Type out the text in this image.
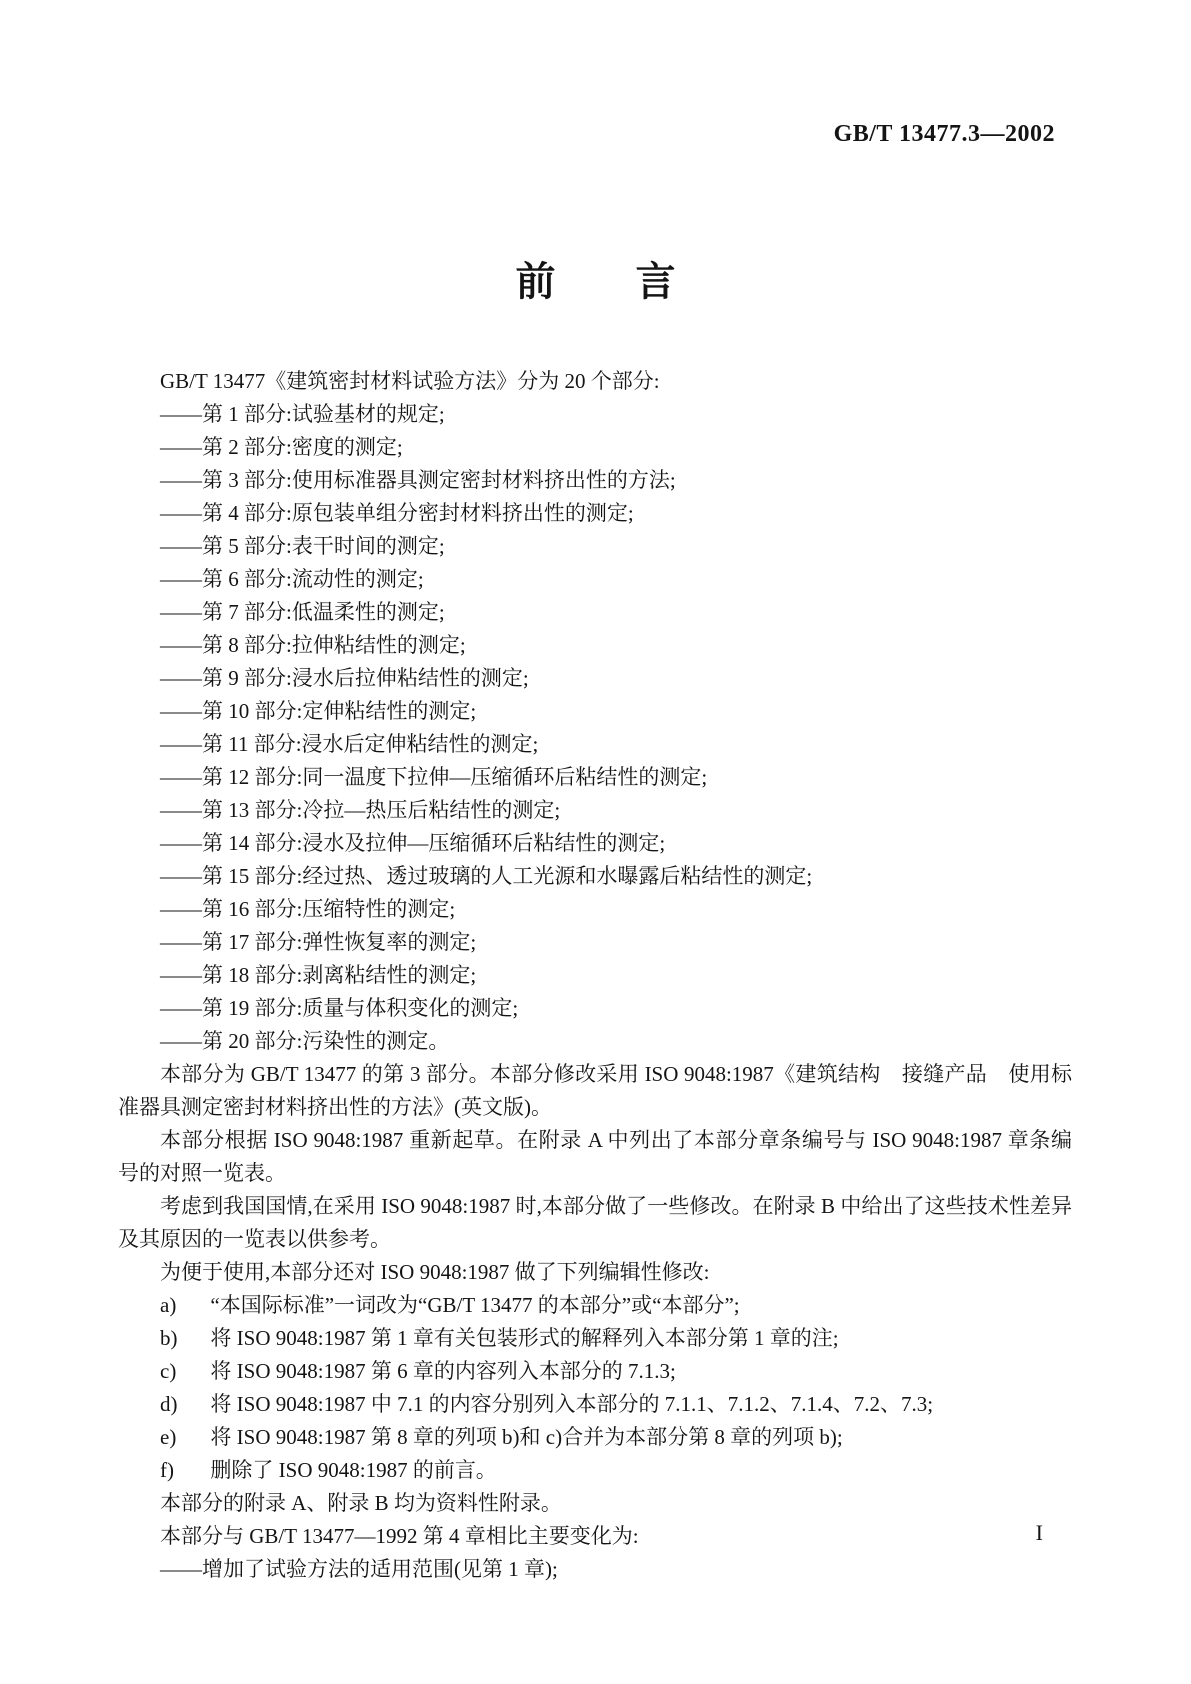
GB/T 13477.3—2002
前　　言

GB/T 13477《建筑密封材料试验方法》分为 20 个部分:

——第 1 部分:试验基材的规定;
——第 2 部分:密度的测定;
——第 3 部分:使用标准器具测定密封材料挤出性的方法;
——第 4 部分:原包装单组分密封材料挤出性的测定;
——第 5 部分:表干时间的测定;
——第 6 部分:流动性的测定;
——第 7 部分:低温柔性的测定;
——第 8 部分:拉伸粘结性的测定;
——第 9 部分:浸水后拉伸粘结性的测定;
——第 10 部分:定伸粘结性的测定;
——第 11 部分:浸水后定伸粘结性的测定;
——第 12 部分:同一温度下拉伸—压缩循环后粘结性的测定;
——第 13 部分:冷拉—热压后粘结性的测定;
——第 14 部分:浸水及拉伸—压缩循环后粘结性的测定;
——第 15 部分:经过热、透过玻璃的人工光源和水曝露后粘结性的测定;
——第 16 部分:压缩特性的测定;
——第 17 部分:弹性恢复率的测定;
——第 18 部分:剥离粘结性的测定;
——第 19 部分:质量与体积变化的测定;
——第 20 部分:污染性的测定。
本部分为 GB/T 13477 的第 3 部分。本部分修改采用 ISO 9048:1987《建筑结构　接缝产品　使用标准器具测定密封材料挤出性的方法》(英文版)。
本部分根据 ISO 9048:1987 重新起草。在附录 A 中列出了本部分章条编号与 ISO 9048:1987 章条编号的对照一览表。
考虑到我国国情,在采用 ISO 9048:1987 时,本部分做了一些修改。在附录 B 中给出了这些技术性差异及其原因的一览表以供参考。
为便于使用,本部分还对 ISO 9048:1987 做了下列编辑性修改:
a) “本国际标准”一词改为“GB/T 13477 的本部分”或“本部分”;
b) 将 ISO 9048:1987 第 1 章有关包装形式的解释列入本部分第 1 章的注;
c) 将 ISO 9048:1987 第 6 章的内容列入本部分的 7.1.3;
d) 将 ISO 9048:1987 中 7.1 的内容分别列入本部分的 7.1.1、7.1.2、7.1.4、7.2、7.3;
e) 将 ISO 9048:1987 第 8 章的列项 b)和 c)合并为本部分第 8 章的列项 b);
f) 删除了 ISO 9048:1987 的前言。
本部分的附录 A、附录 B 均为资料性附录。
本部分与 GB/T 13477—1992 第 4 章相比主要变化为:
——增加了试验方法的适用范围(见第 1 章);
I
